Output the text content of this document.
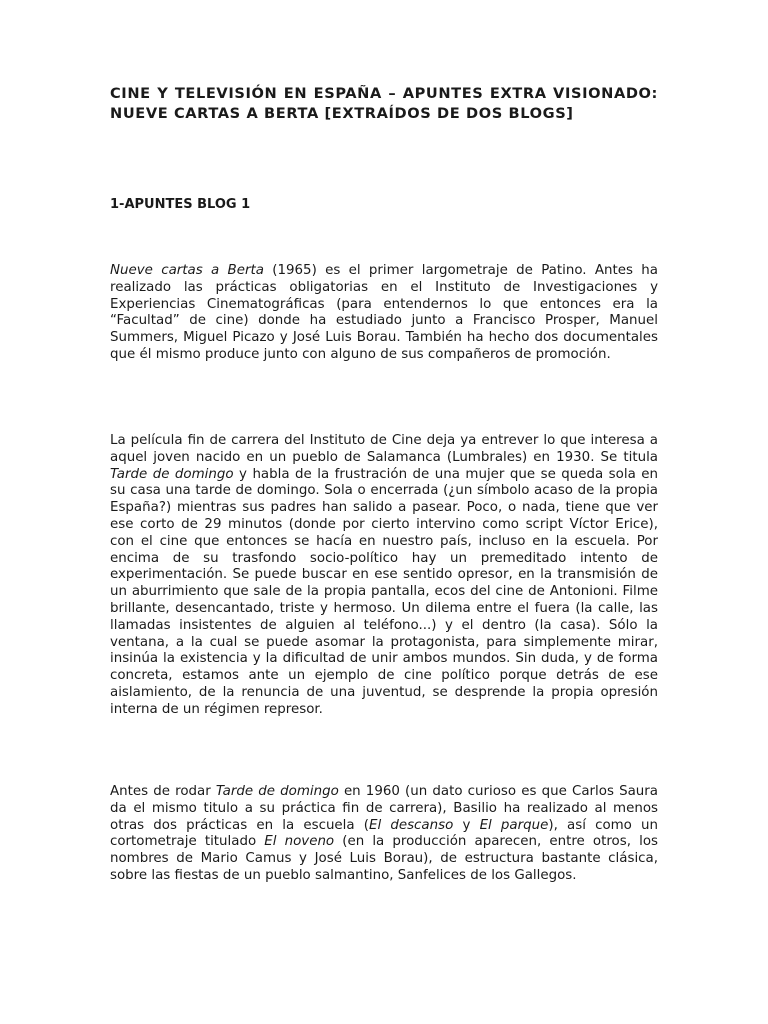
CINE Y TELEVISIÓN EN ESPAÑA – APUNTES EXTRA VISIONADO: NUEVE CARTAS A BERTA [EXTRAÍDOS DE DOS BLOGS]
1-APUNTES BLOG 1

Nueve cartas a Berta (1965) es el primer largometraje de Patino. Antes ha realizado las prácticas obligatorias en el Instituto de Investigaciones y Experiencias Cinematográficas (para entendernos lo que entonces era la “Facultad” de cine) donde ha estudiado junto a Francisco Prosper, Manuel Summers, Miguel Picazo y José Luis Borau. También ha hecho dos documentales que él mismo produce junto con alguno de sus compañeros de promoción.

La película fin de carrera del Instituto de Cine deja ya entrever lo que interesa a aquel joven nacido en un pueblo de Salamanca (Lumbrales) en 1930. Se titula Tarde de domingo y habla de la frustración de una mujer que se queda sola en su casa una tarde de domingo. Sola o encerrada (¿un símbolo acaso de la propia España?) mientras sus padres han salido a pasear. Poco, o nada, tiene que ver ese corto de 29 minutos (donde por cierto intervino como script Víctor Erice), con el cine que entonces se hacía en nuestro país, incluso en la escuela. Por encima de su trasfondo socio-político hay un premeditado intento de experimentación. Se puede buscar en ese sentido opresor, en la transmisión de un aburrimiento que sale de la propia pantalla, ecos del cine de Antonioni. Filme brillante, desencantado, triste y hermoso. Un dilema entre el fuera (la calle, las llamadas insistentes de alguien al teléfono...) y el dentro (la casa). Sólo la ventana, a la cual se puede asomar la protagonista, para simplemente mirar, insinúa la existencia y la dificultad de unir ambos mundos. Sin duda, y de forma concreta, estamos ante un ejemplo de cine político porque detrás de ese aislamiento, de la renuncia de una juventud, se desprende la propia opresión interna de un régimen represor.

Antes de rodar Tarde de domingo en 1960 (un dato curioso es que Carlos Saura da el mismo titulo a su práctica fin de carrera), Basilio ha realizado al menos otras dos prácticas en la escuela (El descanso y El parque), así como un cortometraje titulado El noveno (en la producción aparecen, entre otros, los nombres de Mario Camus y José Luis Borau), de estructura bastante clásica, sobre las fiestas de un pueblo salmantino, Sanfelices de los Gallegos.
